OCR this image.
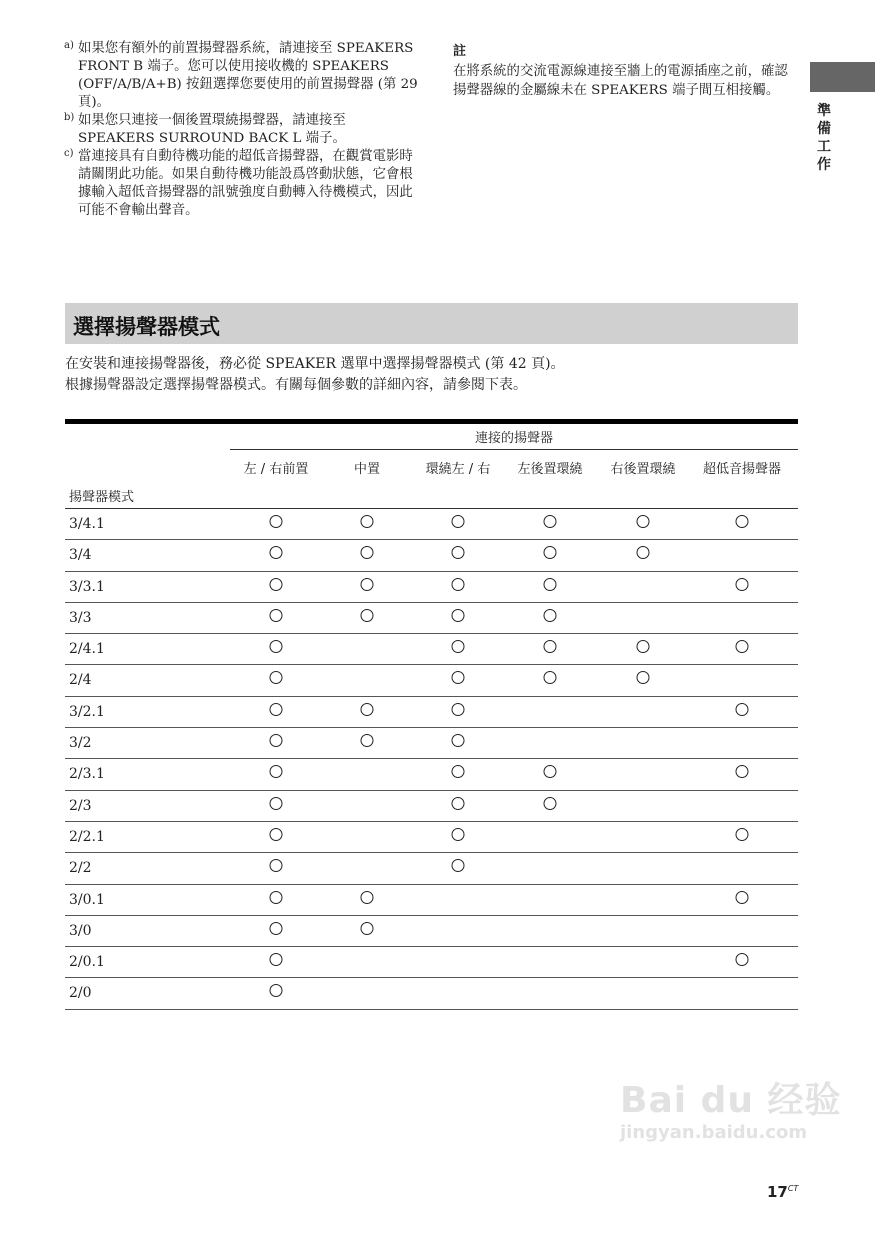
a) 如果您有額外的前置揚聲器系統，請連接至 SPEAKERS FRONT B 端子。您可以使用接收機的 SPEAKERS (OFF/A/B/A+B) 按鈕選擇您要使用的前置揚聲器 (第 29 頁)。
b) 如果您只連接一個後置環繞揚聲器，請連接至 SPEAKERS SURROUND BACK L 端子。
c) 當連接具有自動待機功能的超低音揚聲器，在觀賞電影時請關閉此功能。如果自動待機功能設爲啓動狀態，它會根據輸入超低音揚聲器的訊號強度自動轉入待機模式，因此可能不會輸出聲音。
註
在將系統的交流電源線連接至牆上的電源插座之前，確認揚聲器線的金屬線未在 SPEAKERS 端子間互相接觸。
準備工作
選擇揚聲器模式
在安裝和連接揚聲器後，務必從 SPEAKER 選單中選擇揚聲器模式 (第 42 頁)。
根據揚聲器設定選擇揚聲器模式。有關每個參數的詳細內容，請參閱下表。
連接的揚聲器
揚聲器模式
3/4.1
3/4
3/3.1
3/3
2/4.1
2/4
3/2.1
3/2
2/3.1
2/3
2/2.1
2/2
3/0.1
3/0
2/0.1
2/0
左 / 右前置	中置	環繞左 / 右 左後置環繞 右後置環繞 超低音揚聲器
Bai du 经验
jingyan.baidu.com
$17^{CT}$
